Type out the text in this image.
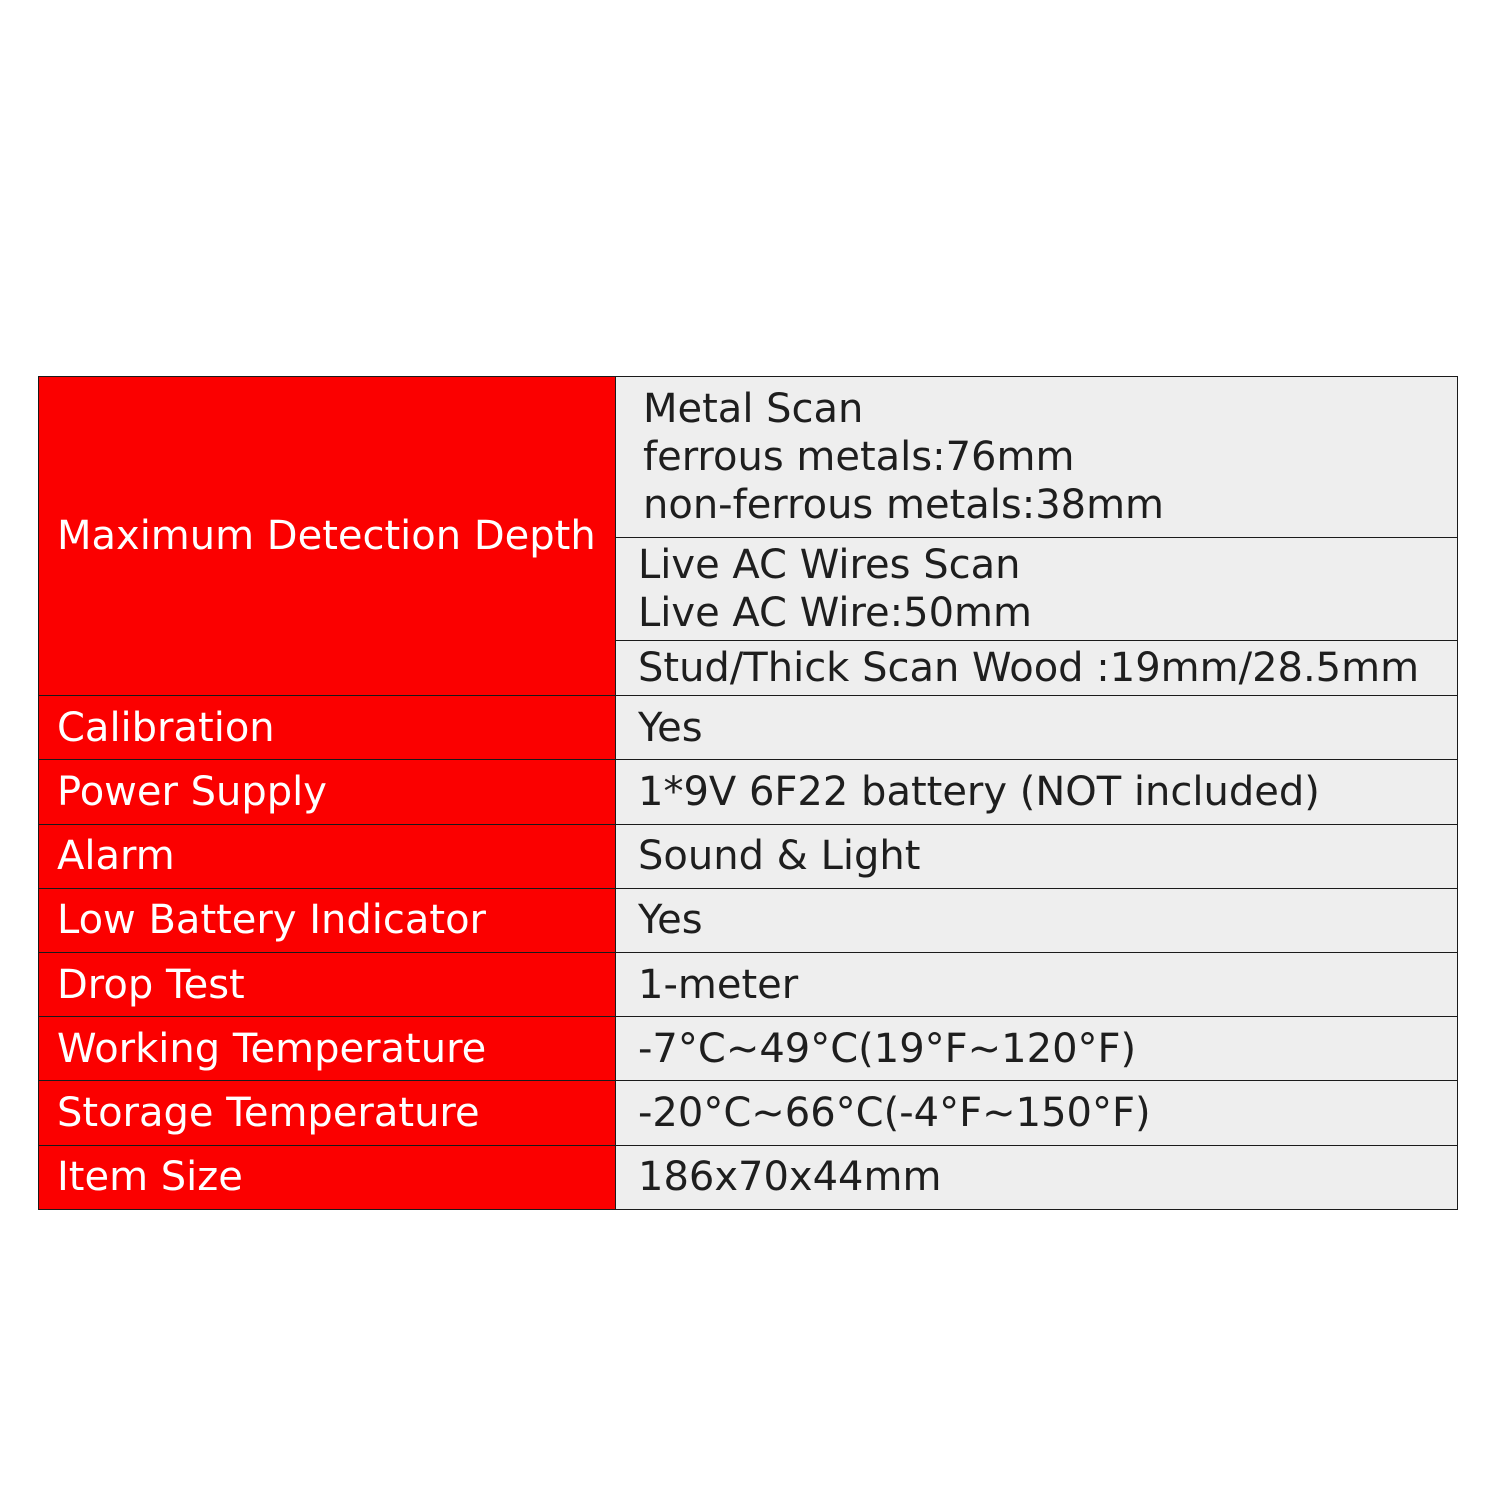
Maximum Detection Depth	Metal Scan
ferrous metals:76mm
non-ferrous metals:38mm

	Live AC Wires Scan
Live AC Wire:50mm

	Stud/Thick Scan Wood :19mm/28.5mm
Calibration	Yes
Power Supply	1*9V 6F22 battery (NOT included)
Alarm	Sound & Light
Low Battery Indicator	Yes
Drop Test	1-meter
Working Temperature	-7°C~49°C(19°F~120°F)
Storage Temperature	-20°C~66°C(-4°F~150°F)
Item Size	186x70x44mm
